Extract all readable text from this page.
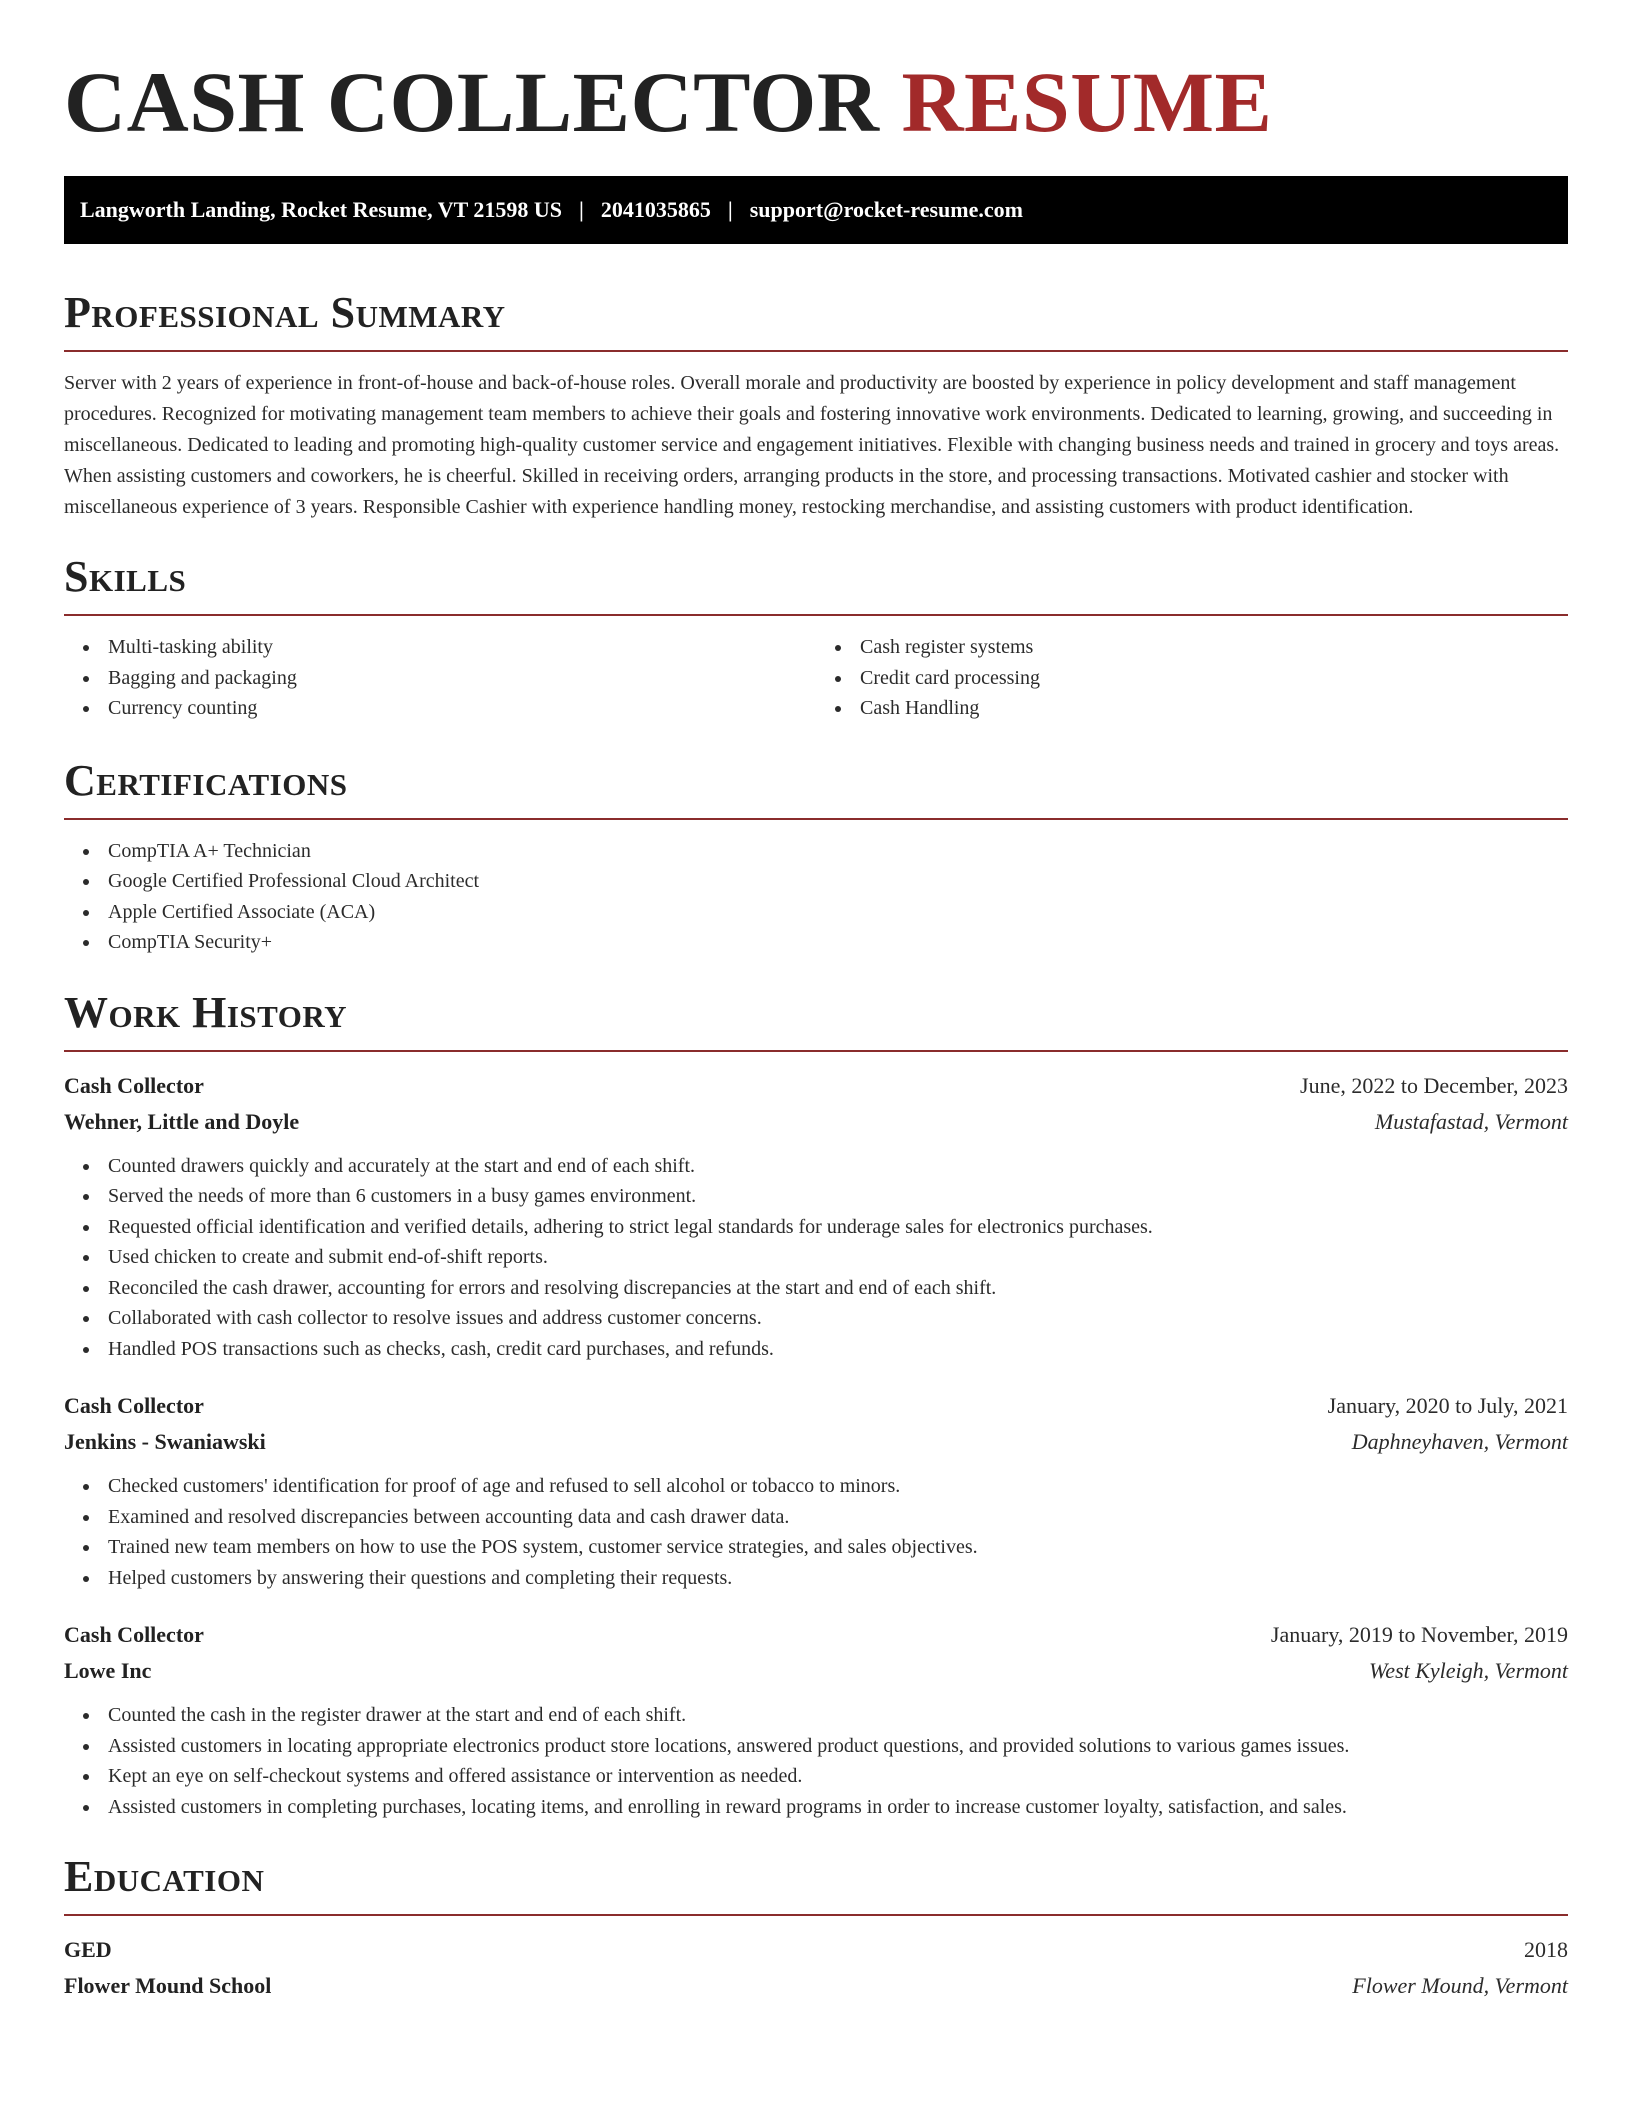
CASH COLLECTOR RESUME
Langworth Landing, Rocket Resume, VT 21598 US | 2041035865 | support@rocket-resume.com
Professional Summary

Server with 2 years of experience in front-of-house and back-of-house roles. Overall morale and productivity are boosted by experience in policy development and staff management procedures. Recognized for motivating management team members to achieve their goals and fostering innovative work environments. Dedicated to learning, growing, and succeeding in miscellaneous. Dedicated to leading and promoting high-quality customer service and engagement initiatives. Flexible with changing business needs and trained in grocery and toys areas. When assisting customers and coworkers, he is cheerful. Skilled in receiving orders, arranging products in the store, and processing transactions. Motivated cashier and stocker with miscellaneous experience of 3 years. Responsible Cashier with experience handling money, restocking merchandise, and assisting customers with product identification.

Skills
Multi-tasking ability
Bagging and packaging
Currency counting
Cash register systems
Credit card processing
Cash Handling
Certifications
CompTIA A+ Technician
Google Certified Professional Cloud Architect
Apple Certified Associate (ACA)
CompTIA Security+
Work History
Cash Collector	June, 2022 to December, 2023
Wehner, Little and Doyle	Mustafastad, Vermont
Counted drawers quickly and accurately at the start and end of each shift.
Served the needs of more than 6 customers in a busy games environment.
Requested official identification and verified details, adhering to strict legal standards for underage sales for electronics purchases.
Used chicken to create and submit end-of-shift reports.
Reconciled the cash drawer, accounting for errors and resolving discrepancies at the start and end of each shift.
Collaborated with cash collector to resolve issues and address customer concerns.
Handled POS transactions such as checks, cash, credit card purchases, and refunds.
Cash Collector	January, 2020 to July, 2021
Jenkins - Swaniawski	Daphneyhaven, Vermont
Checked customers' identification for proof of age and refused to sell alcohol or tobacco to minors.
Examined and resolved discrepancies between accounting data and cash drawer data.
Trained new team members on how to use the POS system, customer service strategies, and sales objectives.
Helped customers by answering their questions and completing their requests.
Cash Collector	January, 2019 to November, 2019
Lowe Inc	West Kyleigh, Vermont
Counted the cash in the register drawer at the start and end of each shift.
Assisted customers in locating appropriate electronics product store locations, answered product questions, and provided solutions to various games issues.
Kept an eye on self-checkout systems and offered assistance or intervention as needed.
Assisted customers in completing purchases, locating items, and enrolling in reward programs in order to increase customer loyalty, satisfaction, and sales.
Education
GED	2018
Flower Mound School	Flower Mound, Vermont
